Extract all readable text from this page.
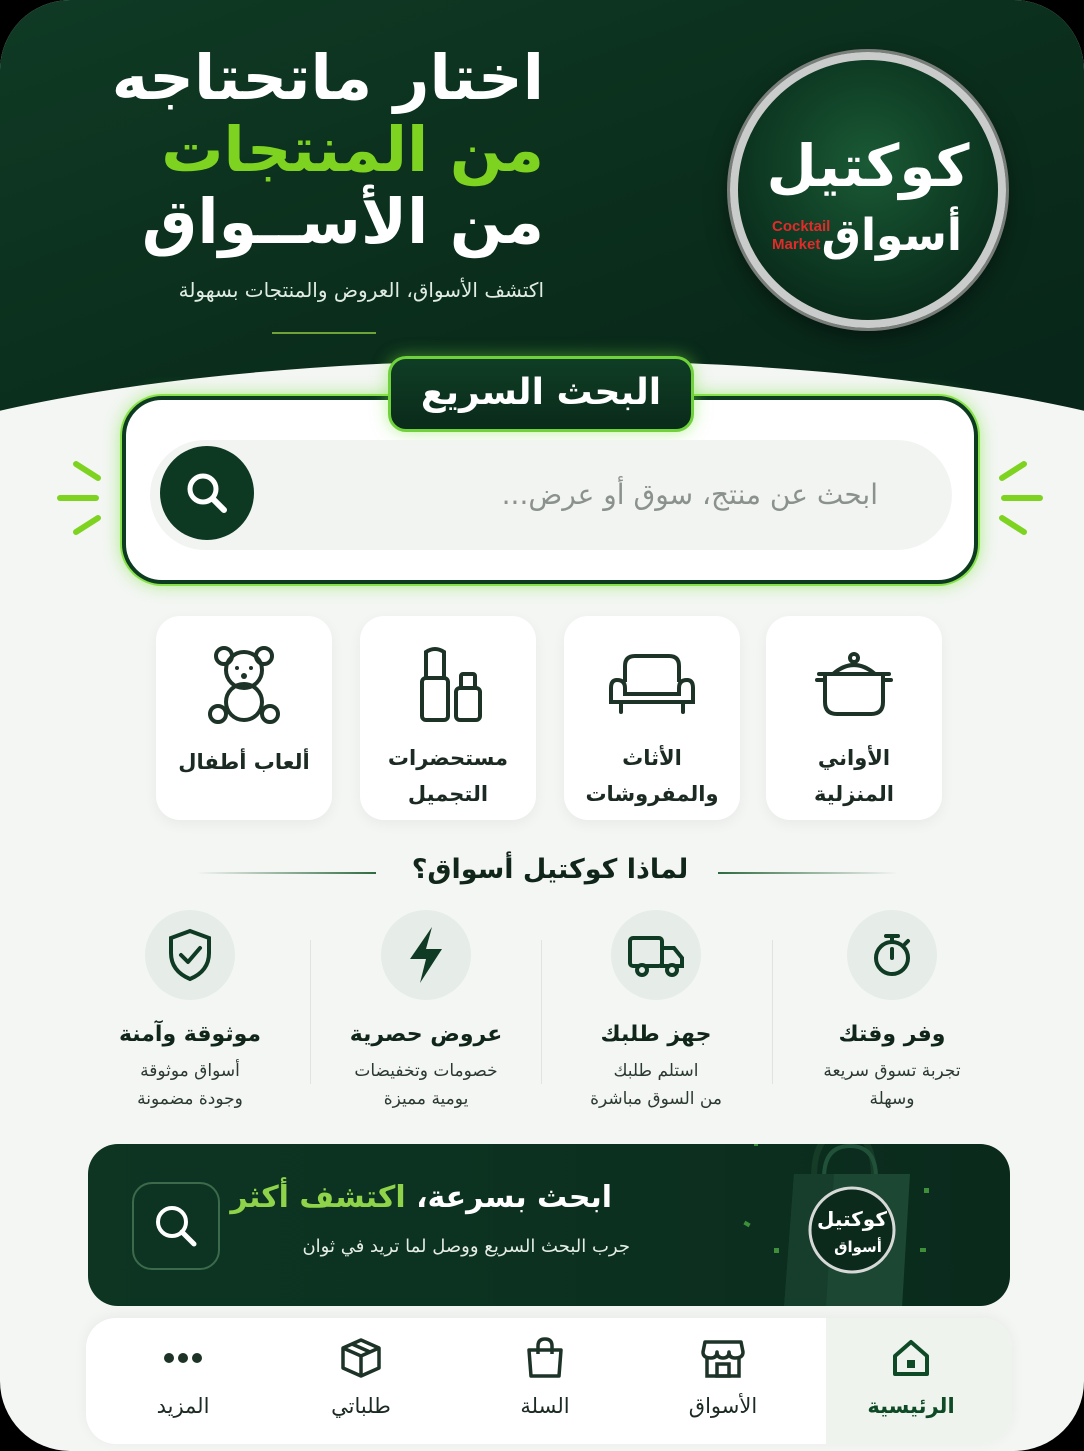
اختار ماتحتاجه
من المنتجات
من الأســواق
اكتشف الأسواق، العروض والمنتجات بسهولة
كوكتيل
أسواق
Cocktail
Market
البحث السريع
ابحث عن منتج، سوق أو عرض...
الأواني
المنزلية
الأثاث
والمفروشات
مستحضرات
التجميل
ألعاب أطفال
لماذا كوكتيل أسواق؟
وفر وقتك
تجربة تسوق سريعة
وسهلة
جهز طلبك
استلم طلبك
من السوق مباشرة
عروض حصرية
خصومات وتخفيضات
يومية مميزة
موثوقة وآمنة
أسواق موثوقة
وجودة مضمونة
ابحث بسرعة، اكتشف أكثر
جرب البحث السريع ووصل لما تريد في ثوان
كوكتيل
أسواق
الرئيسية
الأسواق
السلة
طلباتي
المزيد
